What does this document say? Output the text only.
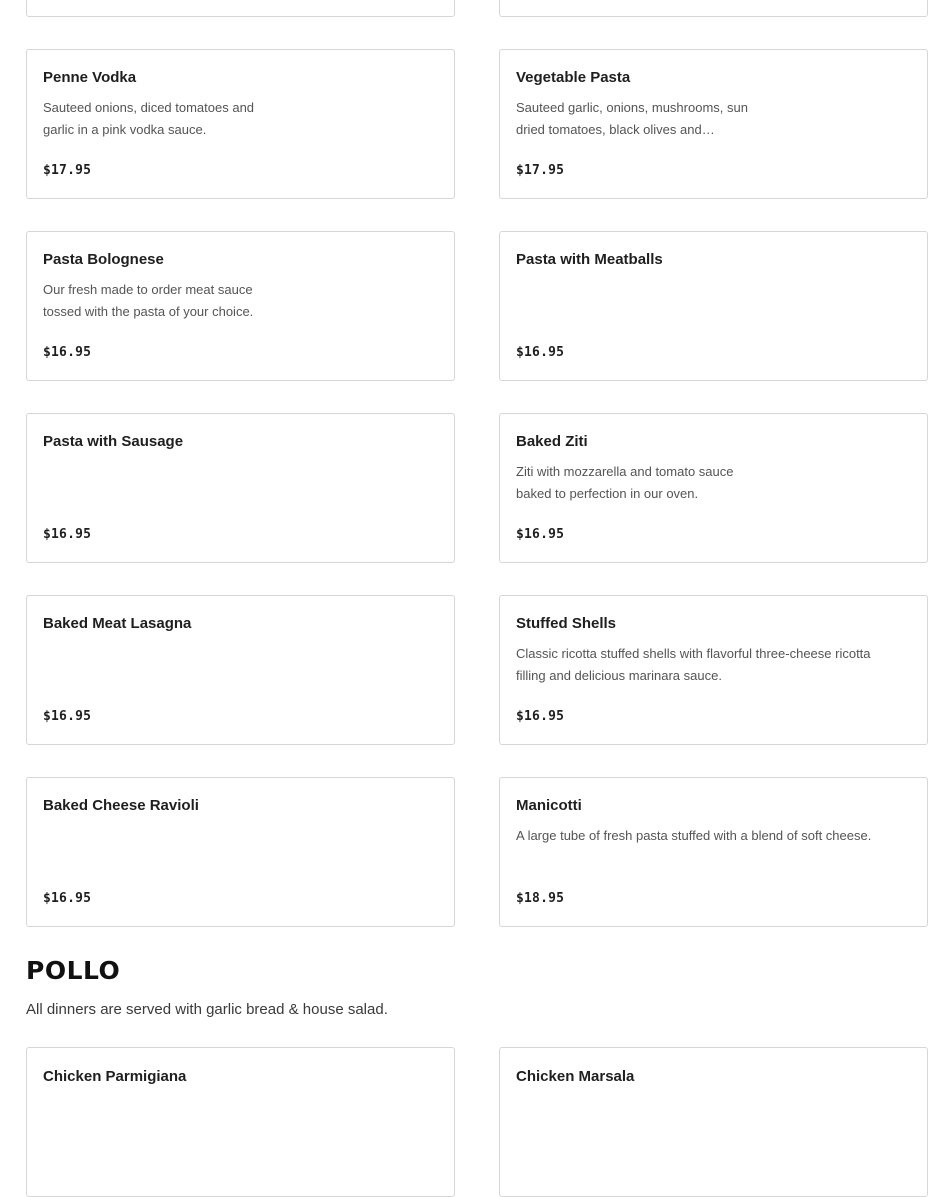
Penne Vodka
Sauteed onions, diced tomatoes and garlic in a pink vodka sauce.
$17.95
Vegetable Pasta
Sauteed garlic, onions, mushrooms, sun dried tomatoes, black olives and…
$17.95
Pasta Bolognese
Our fresh made to order meat sauce tossed with the pasta of your choice.
$16.95
Pasta with Meatballs
$16.95
Pasta with Sausage
$16.95
Baked Ziti
Ziti with mozzarella and tomato sauce baked to perfection in our oven.
$16.95
Baked Meat Lasagna
$16.95
Stuffed Shells
Classic ricotta stuffed shells with flavorful three-cheese ricotta filling and delicious marinara sauce.
$16.95
Baked Cheese Ravioli
$16.95
Manicotti
A large tube of fresh pasta stuffed with a blend of soft cheese.
$18.95
POLLO
All dinners are served with garlic bread & house salad.
Chicken Parmigiana	Chicken Marsala
